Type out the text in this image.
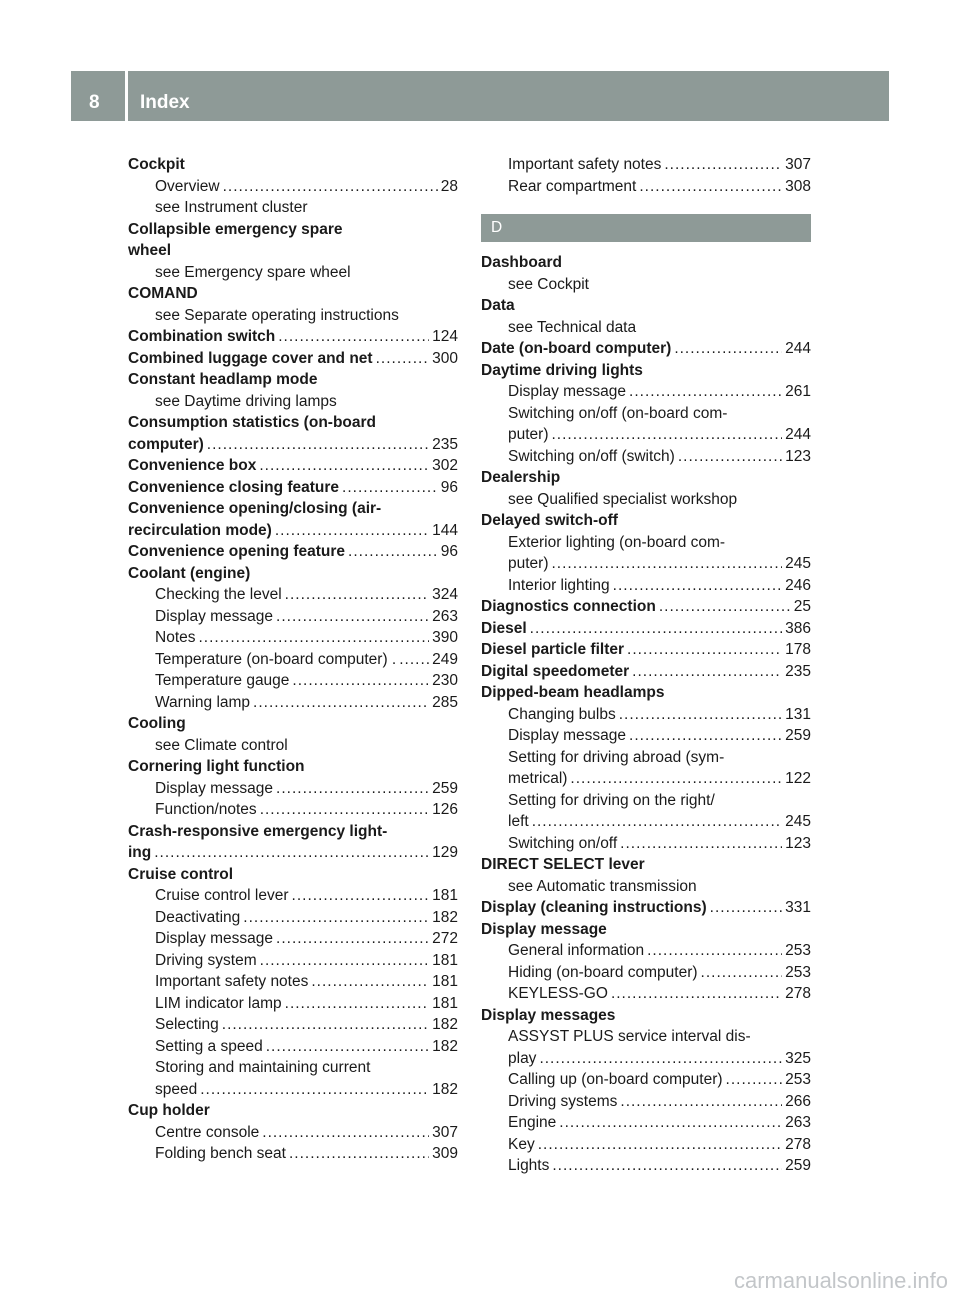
8 Index
Cockpit
Overview .....	28
see Instrument cluster
Collapsible emergency spare
wheel
see Emergency spare wheel
COMAND
see Separate operating instructions
Combination switch .....	124
Combined luggage cover and net .....	300
Constant headlamp mode
see Daytime driving lamps
Consumption statistics (on-board
computer) .....	235
Convenience box .....	302
Convenience closing feature .....	96
Convenience opening/closing (air-
recirculation mode) .....	144
Convenience opening feature .....	96
Coolant (engine)
Checking the level .....	324
Display message .....	263
Notes .....	390
Temperature (on-board computer) . ..... 249
Temperature gauge .....	230
Warning lamp .....	285
Cooling
see Climate control
Cornering light function
Display message .....	259
Function/notes .....	126
Crash-responsive emergency light-
ing .....	129
Cruise control
Cruise control lever .....	181
Deactivating .....	182
Display message .....	272
Driving system .....	181
Important safety notes .....	181
LIM indicator lamp .....	181
Selecting .....	182
Setting a speed .....	182
Storing and maintaining current
speed .....	182
Cup holder
Centre console .....	307
Folding bench seat .....	309
Important safety notes .....	307
Rear compartment .....	308
D
Dashboard
see Cockpit
Data
see Technical data
Date (on-board computer) .....	244
Daytime driving lights
Display message .....	261
Switching on/off (on-board com-
puter) .....	244
Switching on/off (switch) .....	123
Dealership
see Qualified specialist workshop
Delayed switch-off
Exterior lighting (on-board com-
puter) .....	245
Interior lighting .....	246
Diagnostics connection .....	25
Diesel .....	386
Diesel particle filter .....	178
Digital speedometer .....	235
Dipped-beam headlamps
Changing bulbs .....	131
Display message .....	259
Setting for driving abroad (sym-
metrical) .....	122
Setting for driving on the right/
left .....	245
Switching on/off .....	123
DIRECT SELECT lever
see Automatic transmission
Display (cleaning instructions) .....	331
Display message
General information .....	253
Hiding (on-board computer) .....	253
KEYLESS-GO .....	278
Display messages
ASSYST PLUS service interval dis-
play .....	325
Calling up (on-board computer) .....	253
Driving systems .....	266
Engine .....	263
Key .....	278
Lights .....	259
carmanualsonline.info
